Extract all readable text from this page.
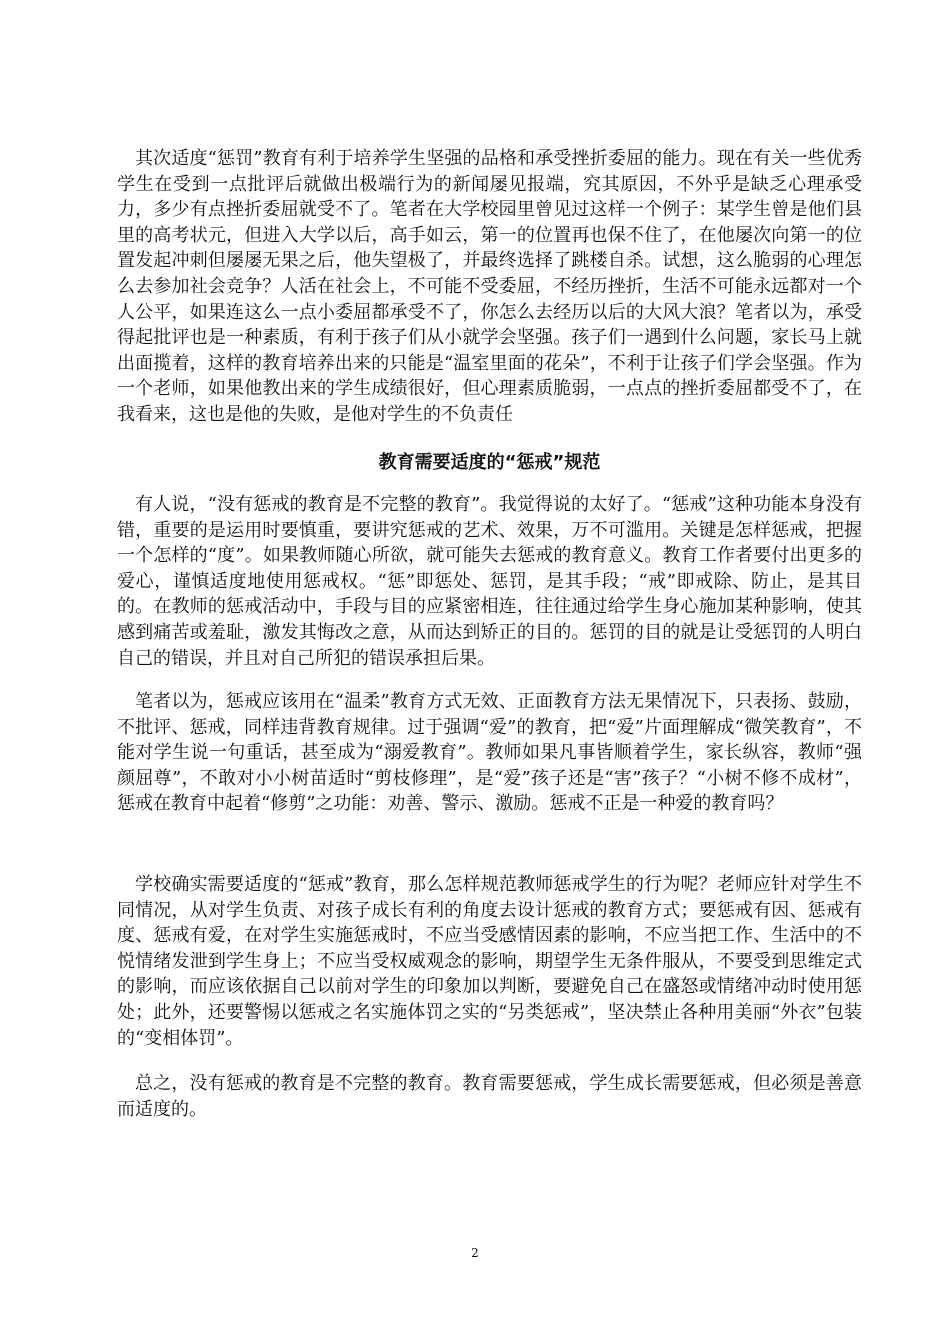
其次适度“惩罚”教育有利于培养学生坚强的品格和承受挫折委屈的能力。现在有关一些优秀学生在受到一点批评后就做出极端行为的新闻屡见报端，究其原因，不外乎是缺乏心理承受力，多少有点挫折委屈就受不了。笔者在大学校园里曾见过这样一个例子：某学生曾是他们县里的高考状元，但进入大学以后，高手如云，第一的位置再也保不住了，在他屡次向第一的位置发起冲刺但屡屡无果之后，他失望极了，并最终选择了跳楼自杀。试想，这么脆弱的心理怎么去参加社会竞争？人活在社会上，不可能不受委屈，不经历挫折，生活不可能永远都对一个人公平，如果连这么一点小委屈都承受不了，你怎么去经历以后的大风大浪？笔者以为，承受得起批评也是一种素质，有利于孩子们从小就学会坚强。孩子们一遇到什么问题，家长马上就出面揽着，这样的教育培养出来的只能是“温室里面的花朵”，不利于让孩子们学会坚强。作为一个老师，如果他教出来的学生成绩很好，但心理素质脆弱，一点点的挫折委屈都受不了，在我看来，这也是他的失败，是他对学生的不负责任

教育需要适度的“惩戒”规范

有人说，“没有惩戒的教育是不完整的教育”。我觉得说的太好了。“惩戒”这种功能本身没有错，重要的是运用时要慎重，要讲究惩戒的艺术、效果，万不可滥用。关键是怎样惩戒，把握一个怎样的“度”。如果教师随心所欲，就可能失去惩戒的教育意义。教育工作者要付出更多的爱心，谨慎适度地使用惩戒权。“惩”即惩处、惩罚，是其手段；“戒”即戒除、防止，是其目的。在教师的惩戒活动中，手段与目的应紧密相连，往往通过给学生身心施加某种影响，使其感到痛苦或羞耻，激发其悔改之意，从而达到矫正的目的。惩罚的目的就是让受惩罚的人明白自己的错误，并且对自己所犯的错误承担后果。

笔者以为，惩戒应该用在“温柔”教育方式无效、正面教育方法无果情况下，只表扬、鼓励，不批评、惩戒，同样违背教育规律。过于强调“爱”的教育，把“爱”片面理解成“微笑教育”，不能对学生说一句重话，甚至成为“溺爱教育”。教师如果凡事皆顺着学生，家长纵容，教师“强颜屈尊”，不敢对小小树苗适时“剪枝修理”，是“爱”孩子还是“害”孩子？“小树不修不成材”，惩戒在教育中起着“修剪”之功能：劝善、警示、激励。惩戒不正是一种爱的教育吗？

学校确实需要适度的“惩戒”教育，那么怎样规范教师惩戒学生的行为呢？老师应针对学生不同情况，从对学生负责、对孩子成长有利的角度去设计惩戒的教育方式；要惩戒有因、惩戒有度、惩戒有爱，在对学生实施惩戒时，不应当受感情因素的影响，不应当把工作、生活中的不悦情绪发泄到学生身上；不应当受权威观念的影响，期望学生无条件服从，不要受到思维定式的影响，而应该依据自己以前对学生的印象加以判断，要避免自己在盛怒或情绪冲动时使用惩处；此外，还要警惕以惩戒之名实施体罚之实的“另类惩戒”，坚决禁止各种用美丽“外衣”包装的“变相体罚”。

总之，没有惩戒的教育是不完整的教育。教育需要惩戒，学生成长需要惩戒，但必须是善意而适度的。

2
